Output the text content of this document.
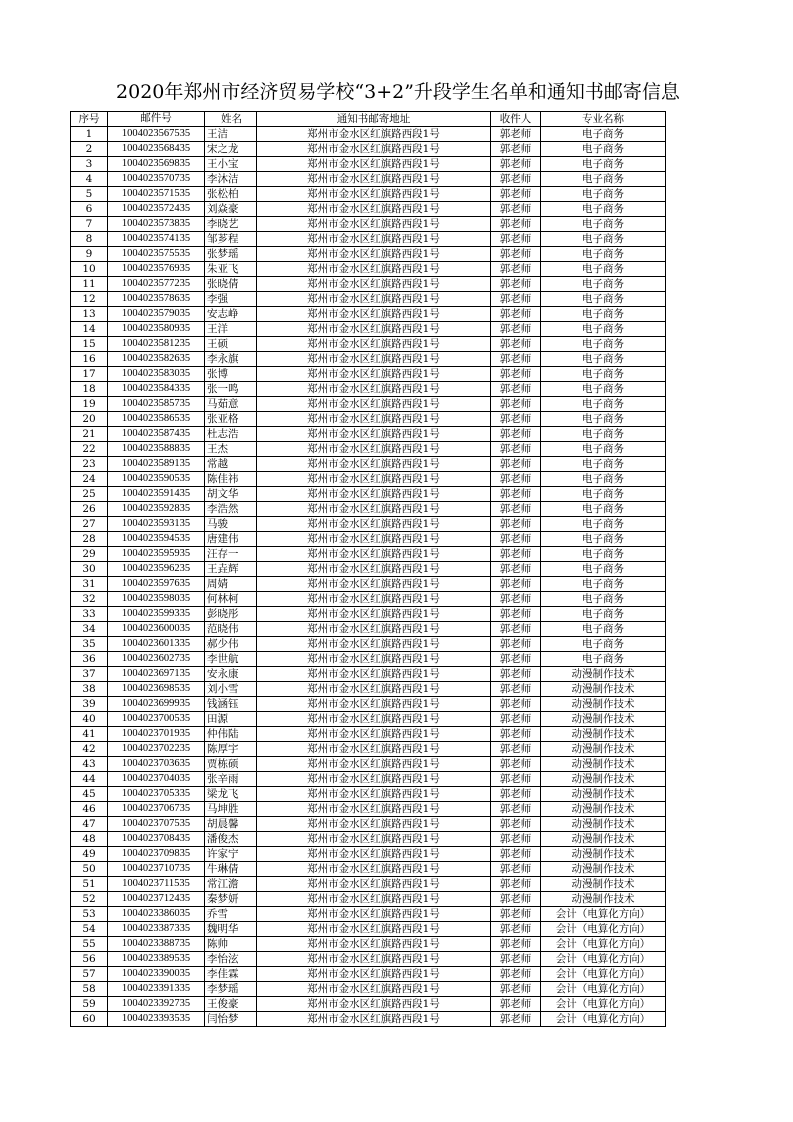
2020年郑州市经济贸易学校“3+2”升段学生名单和通知书邮寄信息
序号	邮件号	姓名	通知书邮寄地址	收件人	专业名称
1	1004023567535	王洁	郑州市金水区红旗路西段1号	郭老师	电子商务
2	1004023568435	宋之龙	郑州市金水区红旗路西段1号	郭老师	电子商务
3	1004023569835	王小宝	郑州市金水区红旗路西段1号	郭老师	电子商务
4	1004023570735	李沐洁	郑州市金水区红旗路西段1号	郭老师	电子商务
5	1004023571535	张松柏	郑州市金水区红旗路西段1号	郭老师	电子商务
6	1004023572435	刘焱豪	郑州市金水区红旗路西段1号	郭老师	电子商务
7	1004023573835	李晓艺	郑州市金水区红旗路西段1号	郭老师	电子商务
8	1004023574135	邹芗程	郑州市金水区红旗路西段1号	郭老师	电子商务
9	1004023575535	张梦瑶	郑州市金水区红旗路西段1号	郭老师	电子商务
10	1004023576935	朱亚飞	郑州市金水区红旗路西段1号	郭老师	电子商务
11	1004023577235	张晓倩	郑州市金水区红旗路西段1号	郭老师	电子商务
12	1004023578635	李强	郑州市金水区红旗路西段1号	郭老师	电子商务
13	1004023579035	安志峥	郑州市金水区红旗路西段1号	郭老师	电子商务
14	1004023580935	王洋	郑州市金水区红旗路西段1号	郭老师	电子商务
15	1004023581235	王硕	郑州市金水区红旗路西段1号	郭老师	电子商务
16	1004023582635	李永旗	郑州市金水区红旗路西段1号	郭老师	电子商务
17	1004023583035	张博	郑州市金水区红旗路西段1号	郭老师	电子商务
18	1004023584335	张一鸣	郑州市金水区红旗路西段1号	郭老师	电子商务
19	1004023585735	马茹意	郑州市金水区红旗路西段1号	郭老师	电子商务
20	1004023586535	张亚格	郑州市金水区红旗路西段1号	郭老师	电子商务
21	1004023587435	杜志浩	郑州市金水区红旗路西段1号	郭老师	电子商务
22	1004023588835	王杰	郑州市金水区红旗路西段1号	郭老师	电子商务
23	1004023589135	常越	郑州市金水区红旗路西段1号	郭老师	电子商务
24	1004023590535	陈佳祎	郑州市金水区红旗路西段1号	郭老师	电子商务
25	1004023591435	胡文华	郑州市金水区红旗路西段1号	郭老师	电子商务
26	1004023592835	李浩然	郑州市金水区红旗路西段1号	郭老师	电子商务
27	1004023593135	马骏	郑州市金水区红旗路西段1号	郭老师	电子商务
28	1004023594535	唐建伟	郑州市金水区红旗路西段1号	郭老师	电子商务
29	1004023595935	汪存一	郑州市金水区红旗路西段1号	郭老师	电子商务
30	1004023596235	王垚辉	郑州市金水区红旗路西段1号	郭老师	电子商务
31	1004023597635	周婧	郑州市金水区红旗路西段1号	郭老师	电子商务
32	1004023598035	何林柯	郑州市金水区红旗路西段1号	郭老师	电子商务
33	1004023599335	彭晓彤	郑州市金水区红旗路西段1号	郭老师	电子商务
34	1004023600035	范晓伟	郑州市金水区红旗路西段1号	郭老师	电子商务
35	1004023601335	郝少伟	郑州市金水区红旗路西段1号	郭老师	电子商务
36	1004023602735	李世航	郑州市金水区红旗路西段1号	郭老师	电子商务
37	1004023697135	安永康	郑州市金水区红旗路西段1号	郭老师	动漫制作技术
38	1004023698535	刘小雪	郑州市金水区红旗路西段1号	郭老师	动漫制作技术
39	1004023699935	钱涵钰	郑州市金水区红旗路西段1号	郭老师	动漫制作技术
40	1004023700535	田源	郑州市金水区红旗路西段1号	郭老师	动漫制作技术
41	1004023701935	仲伟陆	郑州市金水区红旗路西段1号	郭老师	动漫制作技术
42	1004023702235	陈厚宇	郑州市金水区红旗路西段1号	郭老师	动漫制作技术
43	1004023703635	贾栋硕	郑州市金水区红旗路西段1号	郭老师	动漫制作技术
44	1004023704035	张辛雨	郑州市金水区红旗路西段1号	郭老师	动漫制作技术
45	1004023705335	梁龙飞	郑州市金水区红旗路西段1号	郭老师	动漫制作技术
46	1004023706735	马坤胜	郑州市金水区红旗路西段1号	郭老师	动漫制作技术
47	1004023707535	胡晨馨	郑州市金水区红旗路西段1号	郭老师	动漫制作技术
48	1004023708435	潘俊杰	郑州市金水区红旗路西段1号	郭老师	动漫制作技术
49	1004023709835	许家宁	郑州市金水区红旗路西段1号	郭老师	动漫制作技术
50	1004023710735	牛琳倩	郑州市金水区红旗路西段1号	郭老师	动漫制作技术
51	1004023711535	常江澹	郑州市金水区红旗路西段1号	郭老师	动漫制作技术
52	1004023712435	秦梦妍	郑州市金水区红旗路西段1号	郭老师	动漫制作技术
53	1004023386035	乔雪	郑州市金水区红旗路西段1号	郭老师	会计（电算化方向）
54	1004023387335	魏明华	郑州市金水区红旗路西段1号	郭老师	会计（电算化方向）
55	1004023388735	陈帅	郑州市金水区红旗路西段1号	郭老师	会计（电算化方向）
56	1004023389535	李怡泫	郑州市金水区红旗路西段1号	郭老师	会计（电算化方向）
57	1004023390035	李佳霖	郑州市金水区红旗路西段1号	郭老师	会计（电算化方向）
58	1004023391335	李梦瑶	郑州市金水区红旗路西段1号	郭老师	会计（电算化方向）
59	1004023392735	王俊豪	郑州市金水区红旗路西段1号	郭老师	会计（电算化方向）
60	1004023393535	闫怡梦	郑州市金水区红旗路西段1号	郭老师	会计（电算化方向）
